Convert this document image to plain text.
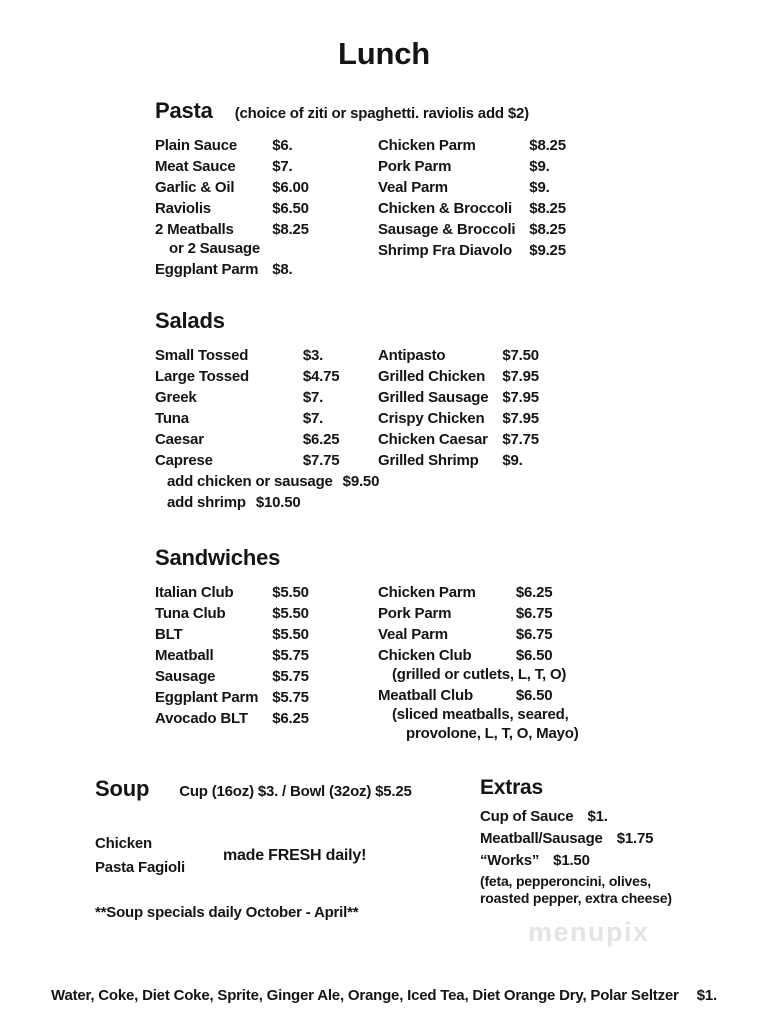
Lunch
Pasta (choice of ziti or spaghetti. raviolis add $2)
Plain Sauce	$6.
Meat Sauce	$7.
Garlic & Oil	$6.00
Raviolis	$6.50
2 Meatballs	$8.25
or 2 Sausage
Eggplant Parm $8.
Chicken Parm	$8.25
Pork Parm	$9.
Veal Parm	$9.
Chicken & Broccoli $8.25
Sausage & Broccoli $8.25
Shrimp Fra Diavolo $9.25
Salads
Small Tossed	$3.
Large Tossed	$4.75
Greek	$7.
Tuna	$7.
Caesar	$6.25
Caprese	$7.75
add chicken or sausage $9.50
add shrimp $10.50
Antipasto	$7.50
Grilled Chicken $7.95
Grilled Sausage $7.95
Crispy Chicken $7.95
Chicken Caesar $7.75
Grilled Shrimp	$9.
Sandwiches
Italian Club	$5.50
Tuna Club	$5.50
BLT	$5.50
Meatball	$5.75
Sausage	$5.75
Eggplant Parm $5.75
Avocado BLT	$6.25
Chicken Parm	$6.25
Pork Parm	$6.75
Veal Parm	$6.75
Chicken Club	$6.50
(grilled or cutlets, L, T, O)
Meatball Club	$6.50
(sliced meatballs, seared,
provolone, L, T, O, Mayo)
Soup Cup (16oz) $3. / Bowl (32oz) $5.25
Chicken
Pasta Fagioli
made FRESH daily!
**Soup specials daily October - April**
Extras
Cup of Sauce $1.
Meatball/Sausage $1.75
“Works” $1.50
(feta, pepperoncini, olives,
roasted pepper, extra cheese)
menupix
Water, Coke, Diet Coke, Sprite, Ginger Ale, Orange, Iced Tea, Diet Orange Dry, Polar Seltzer $1.
